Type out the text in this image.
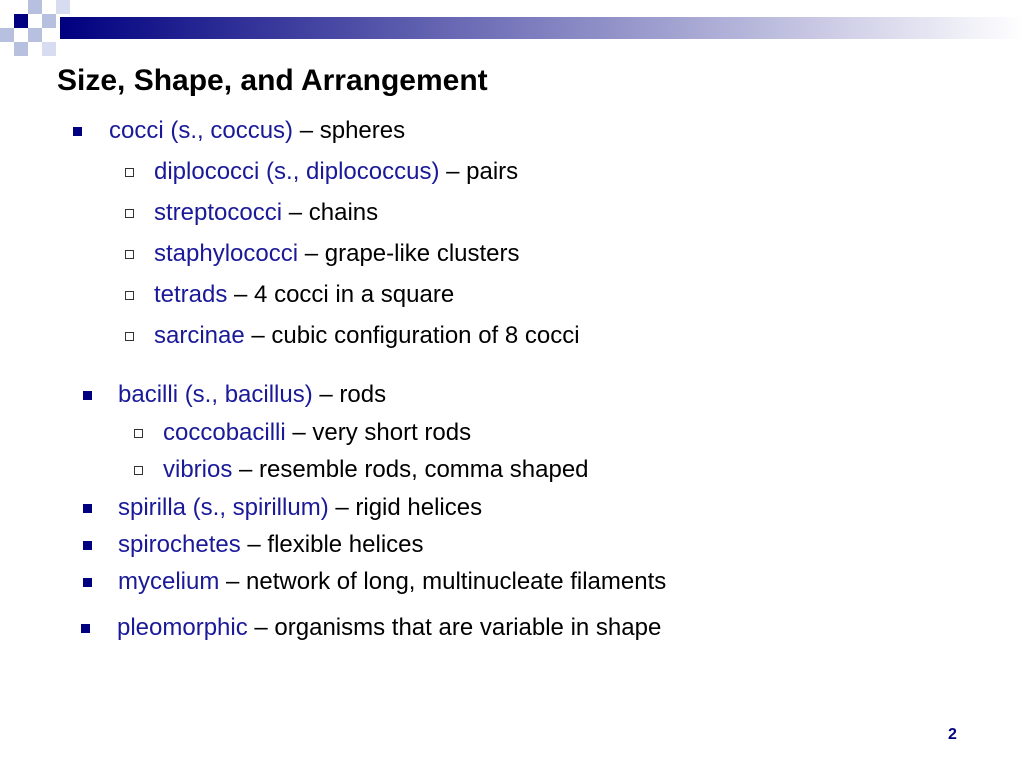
Size, Shape, and Arrangement
cocci (s., coccus) – spheres
diplococci (s., diplococcus) – pairs
streptococci – chains
staphylococci – grape-like clusters
tetrads – 4 cocci in a square
sarcinae – cubic configuration of 8 cocci
bacilli (s., bacillus) – rods
coccobacilli – very short rods
vibrios – resemble rods, comma shaped
spirilla (s., spirillum) – rigid helices
spirochetes – flexible helices
mycelium – network of long, multinucleate filaments
pleomorphic – organisms that are variable in shape
2
